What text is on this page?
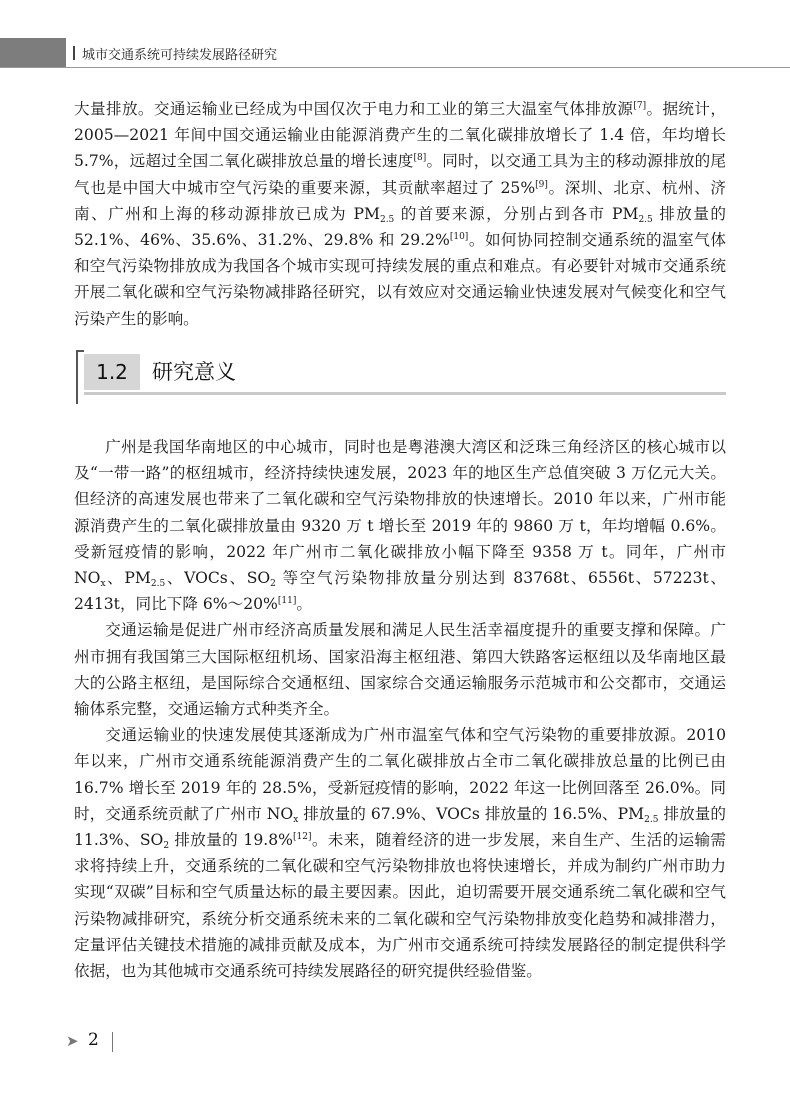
城市交通系统可持续发展路径研究

大量排放。交通运输业已经成为中国仅次于电力和工业的第三大温室气体排放源[7]。据统计，2005—2021 年间中国交通运输业由能源消费产生的二氧化碳排放增长了 1.4 倍，年均增长 5.7%，远超过全国二氧化碳排放总量的增长速度[8]。同时，以交通工具为主的移动源排放的尾气也是中国大中城市空气污染的重要来源，其贡献率超过了 25%[9]。深圳、北京、杭州、济南、广州和上海的移动源排放已成为 $PM_{2.5}$ 的首要来源，分别占到各市 $PM_{2.5}$ 排放量的 52.1%、46%、35.6%、31.2%、29.8% 和 29.2%[10]。如何协同控制交通系统的温室气体和空气污染物排放成为我国各个城市实现可持续发展的重点和难点。有必要针对城市交通系统开展二氧化碳和空气污染物减排路径研究，以有效应对交通运输业快速发展对气候变化和空气污染产生的影响。

1.2	研究意义

广州是我国华南地区的中心城市，同时也是粤港澳大湾区和泛珠三角经济区的核心城市以及“一带一路”的枢纽城市，经济持续快速发展，2023 年的地区生产总值突破 3 万亿元大关。但经济的高速发展也带来了二氧化碳和空气污染物排放的快速增长。2010 年以来，广州市能源消费产生的二氧化碳排放量由 9320 万 t 增长至 2019 年的 9860 万 t，年均增幅 0.6%。受新冠疫情的影响，2022 年广州市二氧化碳排放小幅下降至 9358 万 t。同年，广州市 $NO_x$、$PM_{2.5}$、VOCs、$SO_2$ 等空气污染物排放量分别达到 83768t、6556t、57223t、2413t，同比下降 6%～20%[11]。

交通运输是促进广州市经济高质量发展和满足人民生活幸福度提升的重要支撑和保障。广州市拥有我国第三大国际枢纽机场、国家沿海主枢纽港、第四大铁路客运枢纽以及华南地区最大的公路主枢纽，是国际综合交通枢纽、国家综合交通运输服务示范城市和公交都市，交通运输体系完整，交通运输方式种类齐全。

交通运输业的快速发展使其逐渐成为广州市温室气体和空气污染物的重要排放源。2010 年以来，广州市交通系统能源消费产生的二氧化碳排放占全市二氧化碳排放总量的比例已由 16.7% 增长至 2019 年的 28.5%，受新冠疫情的影响，2022 年这一比例回落至 26.0%。同时，交通系统贡献了广州市 $NO_x$ 排放量的 67.9%、VOCs 排放量的 16.5%、$PM_{2.5}$ 排放量的 11.3%、$SO_2$ 排放量的 19.8%[12]。未来，随着经济的进一步发展，来自生产、生活的运输需求将持续上升，交通系统的二氧化碳和空气污染物排放也将快速增长，并成为制约广州市助力实现“双碳”目标和空气质量达标的最主要因素。因此，迫切需要开展交通系统二氧化碳和空气污染物减排研究，系统分析交通系统未来的二氧化碳和空气污染物排放变化趋势和减排潜力，定量评估关键技术措施的减排贡献及成本，为广州市交通系统可持续发展路径的制定提供科学依据，也为其他城市交通系统可持续发展路径的研究提供经验借鉴。

➤ 2
